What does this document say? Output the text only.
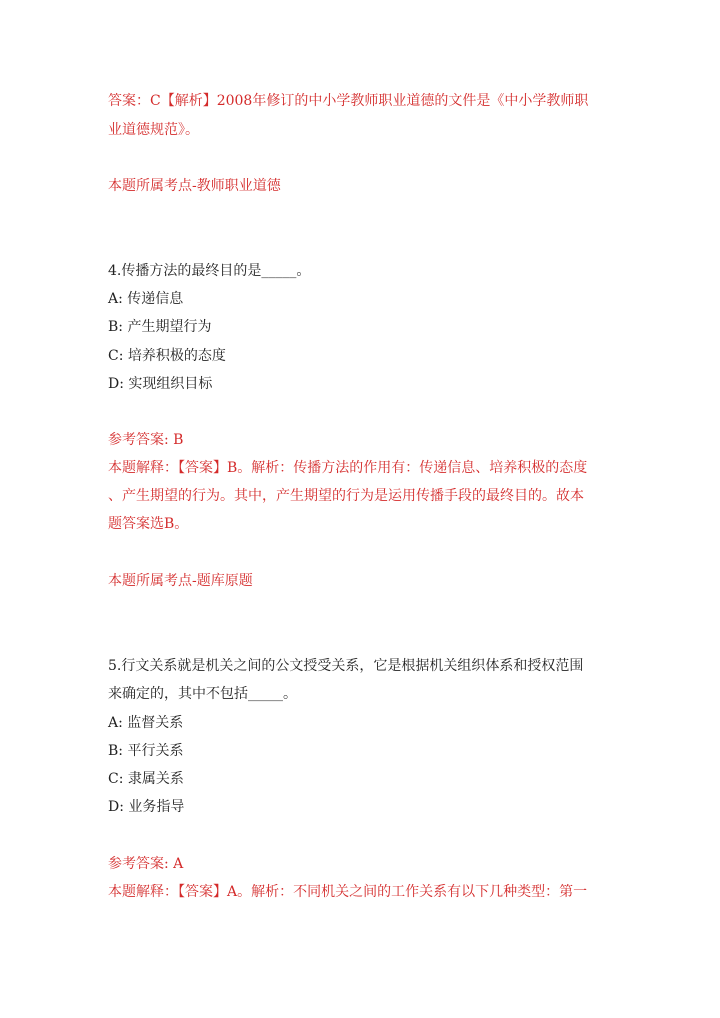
答案：C【解析】2008年修订的中小学教师职业道德的文件是《中小学教师职
业道德规范》。
本题所属考点-教师职业道德
4.传播方法的最终目的是_____。
A: 传递信息
B: 产生期望行为
C: 培养积极的态度
D: 实现组织目标
参考答案: B
本题解释：【答案】B。解析：传播方法的作用有：传递信息、培养积极的态度
、产生期望的行为。其中，产生期望的行为是运用传播手段的最终目的。故本
题答案选B。
本题所属考点-题库原题
5.行文关系就是机关之间的公文授受关系，它是根据机关组织体系和授权范围
来确定的，其中不包括_____。
A: 监督关系
B: 平行关系
C: 隶属关系
D: 业务指导
参考答案: A
本题解释：【答案】A。解析：不同机关之间的工作关系有以下几种类型：第一
